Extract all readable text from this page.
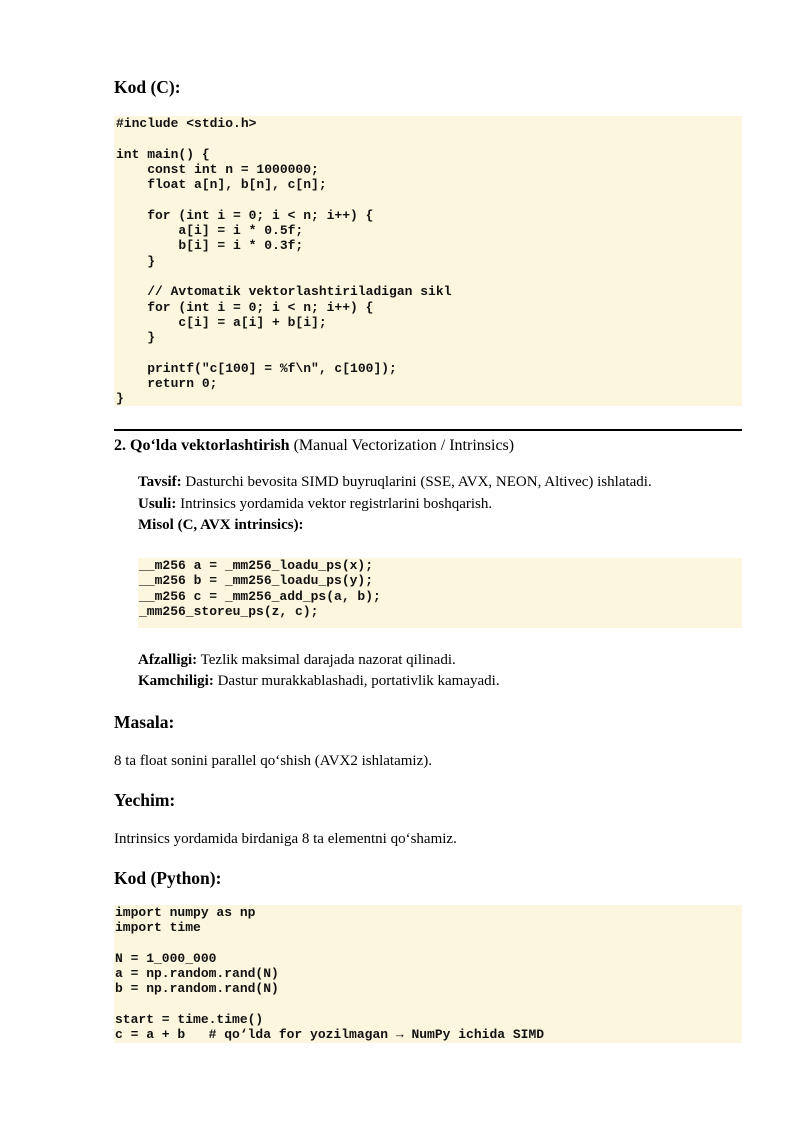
Kod (C):
#include <stdio.h>

int main() {
const int n = 1000000;
float a[n], b[n], c[n];

for (int i = 0; i < n; i++) {
a[i] = i * 0.5f;
b[i] = i * 0.3f;
}

// Avtomatik vektorlashtiriladigan sikl
for (int i = 0; i < n; i++) {
c[i] = a[i] + b[i];
}

printf("c[100] = %f\n", c[100]);
return 0;
}
2. Qo‘lda vektorlashtirish (Manual Vectorization / Intrinsics)

Tavsif: Dasturchi bevosita SIMD buyruqlarini (SSE, AVX, NEON, Altivec) ishlatadi.

Usuli: Intrinsics yordamida vektor registrlarini boshqarish.

Misol (C, AVX intrinsics):

__m256 a = _mm256_loadu_ps(x);
__m256 b = _mm256_loadu_ps(y);
__m256 c = _mm256_add_ps(a, b);
_mm256_storeu_ps(z, c);

Afzalligi: Tezlik maksimal darajada nazorat qilinadi.

Kamchiligi: Dastur murakkablashadi, portativlik kamayadi.

Masala:

8 ta float sonini parallel qo‘shish (AVX2 ishlatamiz).

Yechim:

Intrinsics yordamida birdaniga 8 ta elementni qo‘shamiz.

Kod (Python):
import numpy as np
import time

N = 1_000_000
a = np.random.rand(N)
b = np.random.rand(N)

start = time.time()
c = a + b   # qo‘lda for yozilmagan → NumPy ichida SIMD
